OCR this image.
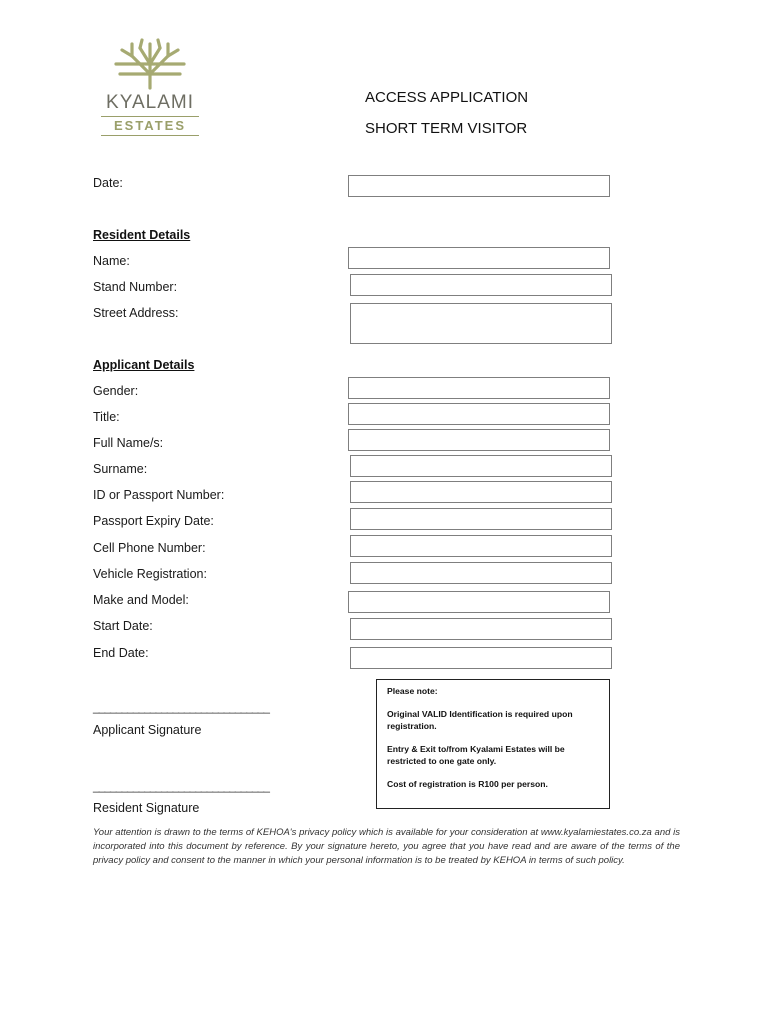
KYALAMI
ESTATES
ACCESS APPLICATION
SHORT TERM VISITOR
Date:
Resident Details
Name:
Stand Number:
Street Address:
Applicant Details
Gender:
Title:
Full Name/s:
Surname:
ID or Passport Number:
Passport Expiry Date:
Cell Phone Number:
Vehicle Registration:
Make and Model:
Start Date:
End Date:
_______________________________
Applicant Signature
_______________________________
Resident Signature

Please note:

Original VALID Identification is required upon registration.

Entry & Exit to/from Kyalami Estates will be restricted to one gate only.

Cost of registration is R100 per person.

Your attention is drawn to the terms of KEHOA's privacy policy which is available for your consideration at www.kyalamiestates.co.za and is incorporated into this document by reference. By your signature hereto, you agree that you have read and are aware of the terms of the privacy policy and consent to the manner in which your personal information is to be treated by KEHOA in terms of such policy.
